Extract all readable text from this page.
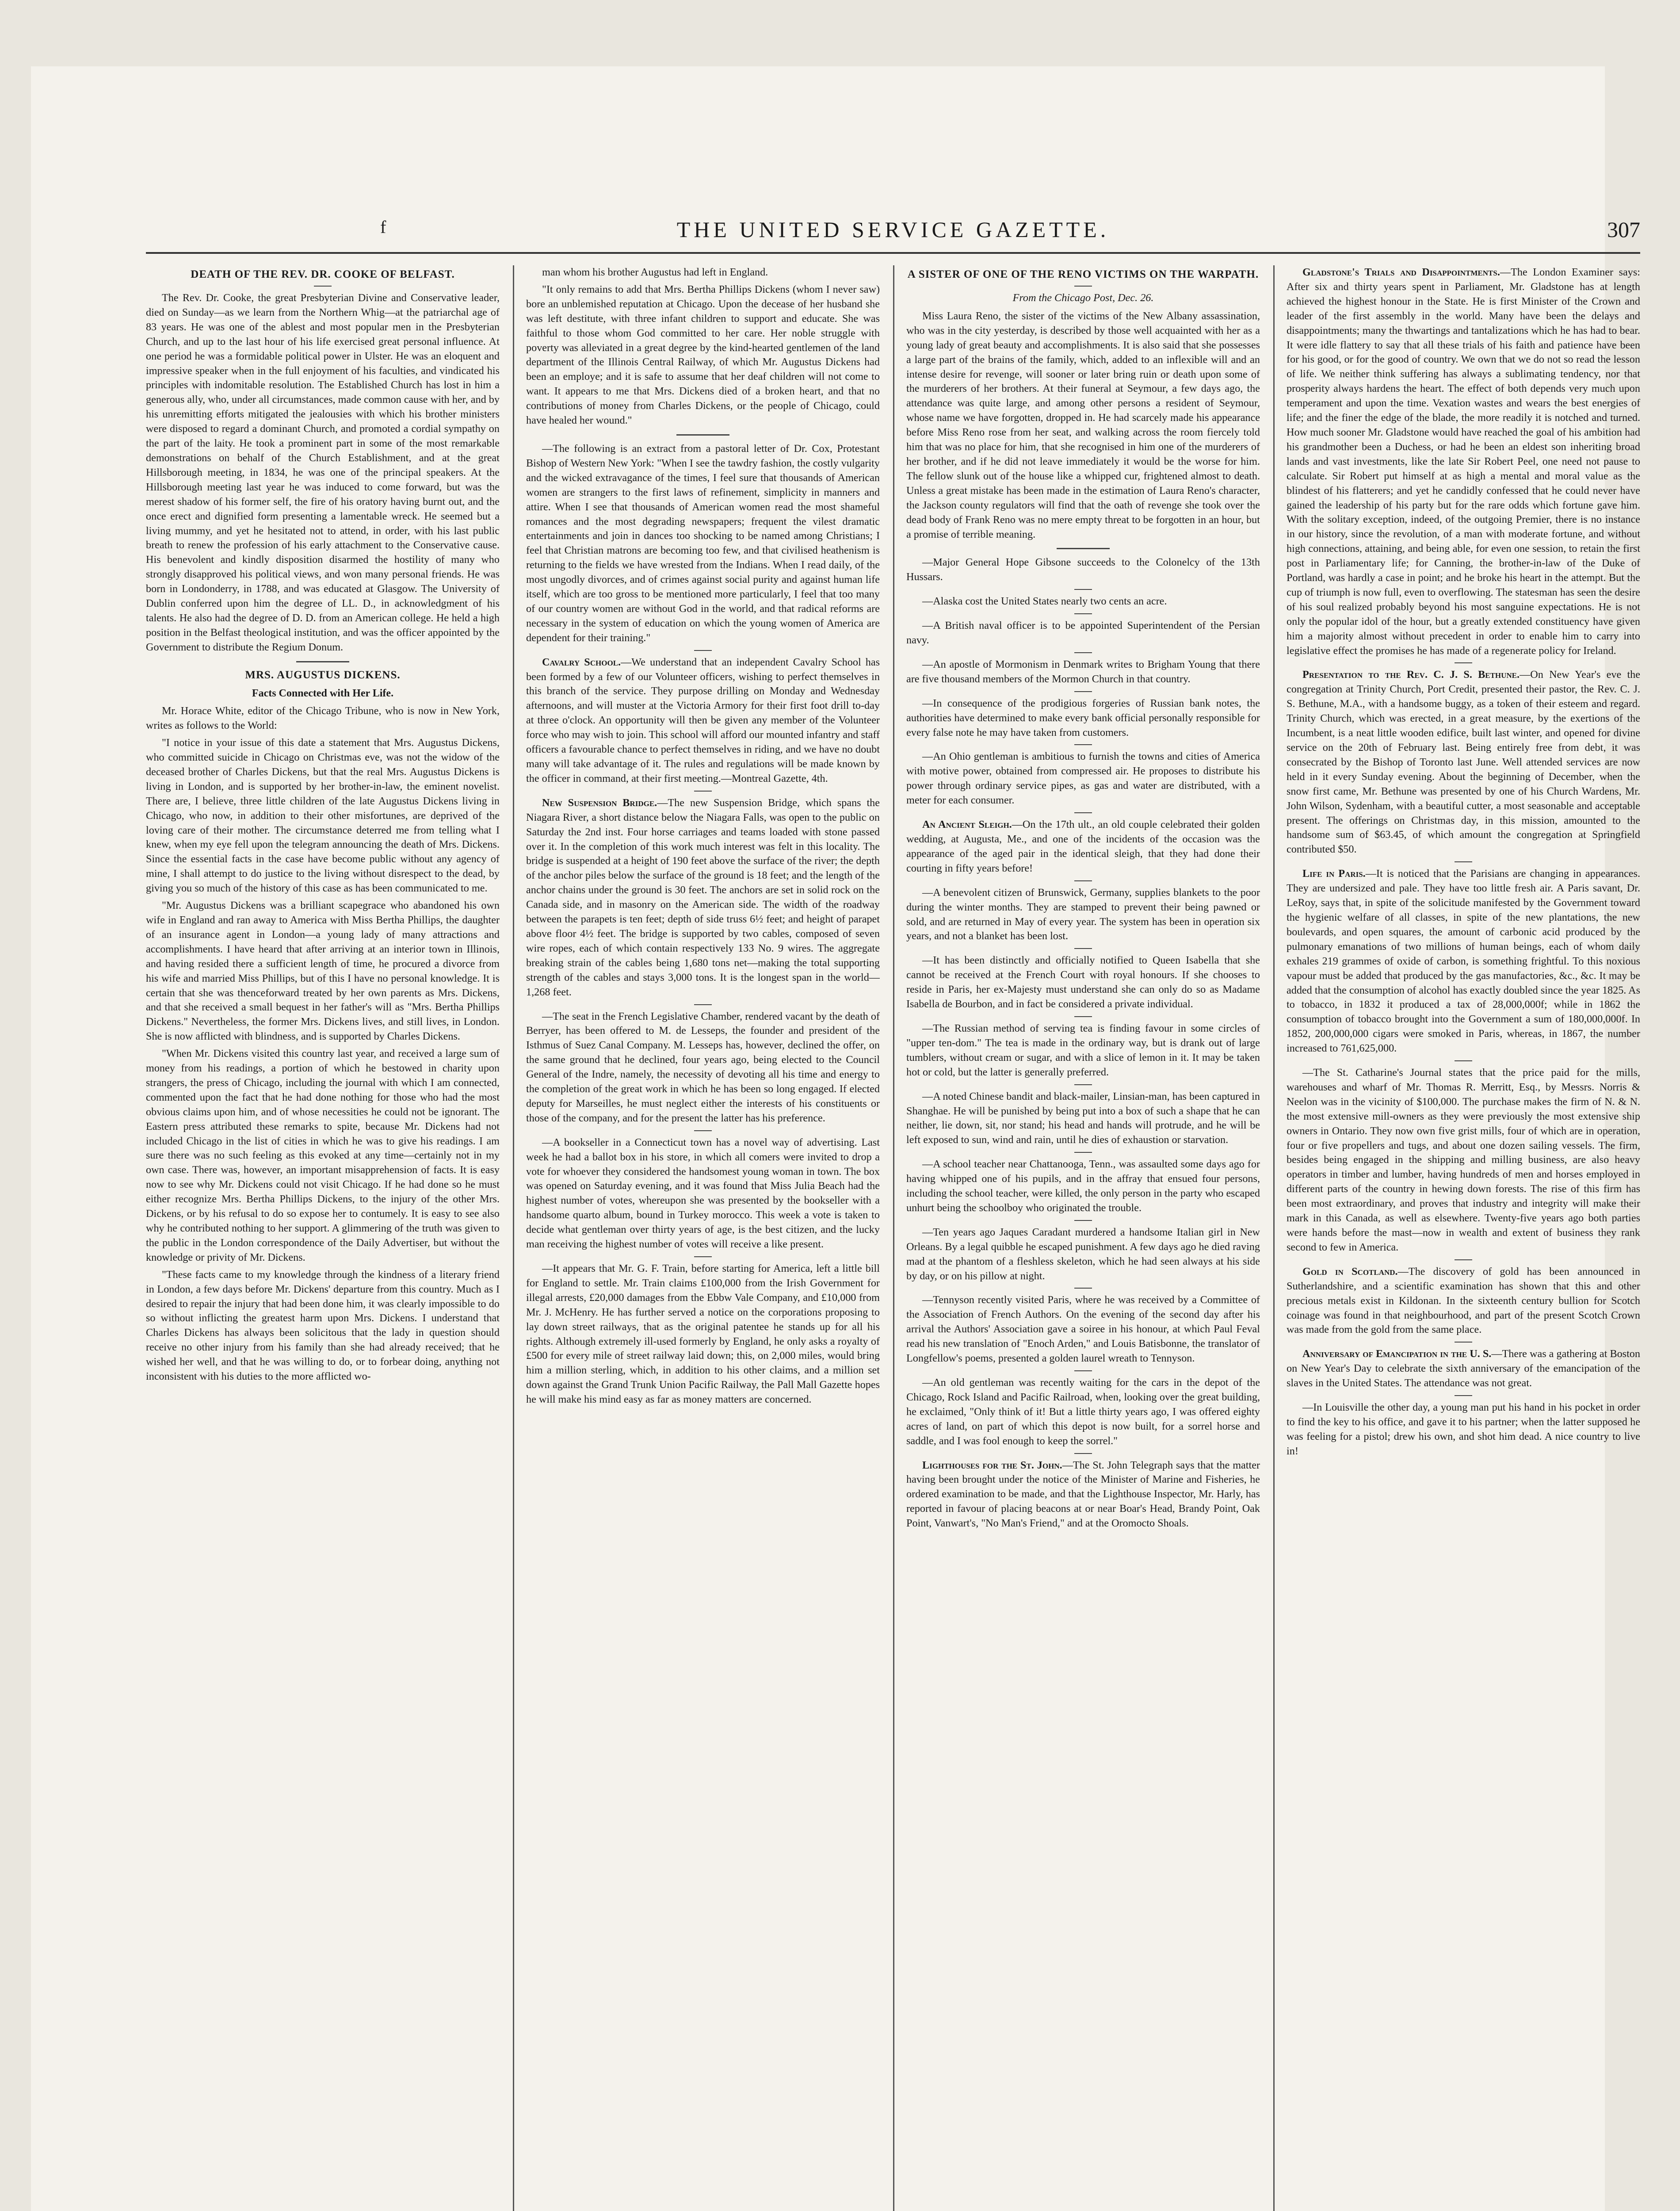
f	THE UNITED SERVICE GAZETTE.	307
DEATH OF THE REV. DR. COOKE OF BELFAST.

The Rev. Dr. Cooke, the great Presbyterian Divine and Conservative leader, died on Sunday—as we learn from the Northern Whig—at the patriarchal age of 83 years. He was one of the ablest and most popular men in the Presbyterian Church, and up to the last hour of his life exercised great personal influence. At one period he was a formidable political power in Ulster. He was an eloquent and impressive speaker when in the full enjoyment of his faculties, and vindicated his principles with indomitable resolution. The Established Church has lost in him a generous ally, who, under all circumstances, made common cause with her, and by his unremitting efforts mitigated the jealousies with which his brother ministers were disposed to regard a dominant Church, and promoted a cordial sympathy on the part of the laity. He took a prominent part in some of the most remarkable demonstrations on behalf of the Church Establishment, and at the great Hillsborough meeting, in 1834, he was one of the principal speakers. At the Hillsborough meeting last year he was induced to come forward, but was the merest shadow of his former self, the fire of his oratory having burnt out, and the once erect and dignified form presenting a lamentable wreck. He seemed but a living mummy, and yet he hesitated not to attend, in order, with his last public breath to renew the profession of his early attachment to the Conservative cause. His benevolent and kindly disposition disarmed the hostility of many who strongly disapproved his political views, and won many personal friends. He was born in Londonderry, in 1788, and was educated at Glasgow. The University of Dublin conferred upon him the degree of LL. D., in acknowledgment of his talents. He also had the degree of D. D. from an American college. He held a high position in the Belfast theological institution, and was the officer appointed by the Government to distribute the Regium Donum.

MRS. AUGUSTUS DICKENS.
Facts Connected with Her Life.

Mr. Horace White, editor of the Chicago Tribune, who is now in New York, writes as follows to the World:

"I notice in your issue of this date a statement that Mrs. Augustus Dickens, who committed suicide in Chicago on Christmas eve, was not the widow of the deceased brother of Charles Dickens, but that the real Mrs. Augustus Dickens is living in London, and is supported by her brother-in-law, the eminent novelist. There are, I believe, three little children of the late Augustus Dickens living in Chicago, who now, in addition to their other misfortunes, are deprived of the loving care of their mother. The circumstance deterred me from telling what I knew, when my eye fell upon the telegram announcing the death of Mrs. Dickens. Since the essential facts in the case have become public without any agency of mine, I shall attempt to do justice to the living without disrespect to the dead, by giving you so much of the history of this case as has been communicated to me.

"Mr. Augustus Dickens was a brilliant scapegrace who abandoned his own wife in England and ran away to America with Miss Bertha Phillips, the daughter of an insurance agent in London—a young lady of many attractions and accomplishments. I have heard that after arriving at an interior town in Illinois, and having resided there a sufficient length of time, he procured a divorce from his wife and married Miss Phillips, but of this I have no personal knowledge. It is certain that she was thenceforward treated by her own parents as Mrs. Dickens, and that she received a small bequest in her father's will as "Mrs. Bertha Phillips Dickens." Nevertheless, the former Mrs. Dickens lives, and still lives, in London. She is now afflicted with blindness, and is supported by Charles Dickens.

"When Mr. Dickens visited this country last year, and received a large sum of money from his readings, a portion of which he bestowed in charity upon strangers, the press of Chicago, including the journal with which I am connected, commented upon the fact that he had done nothing for those who had the most obvious claims upon him, and of whose necessities he could not be ignorant. The Eastern press attributed these remarks to spite, because Mr. Dickens had not included Chicago in the list of cities in which he was to give his readings. I am sure there was no such feeling as this evoked at any time—certainly not in my own case. There was, however, an important misapprehension of facts. It is easy now to see why Mr. Dickens could not visit Chicago. If he had done so he must either recognize Mrs. Bertha Phillips Dickens, to the injury of the other Mrs. Dickens, or by his refusal to do so expose her to contumely. It is easy to see also why he contributed nothing to her support. A glimmering of the truth was given to the public in the London correspondence of the Daily Advertiser, but without the knowledge or privity of Mr. Dickens.

"These facts came to my knowledge through the kindness of a literary friend in London, a few days before Mr. Dickens' departure from this country. Much as I desired to repair the injury that had been done him, it was clearly impossible to do so without inflicting the greatest harm upon Mrs. Dickens. I understand that Charles Dickens has always been solicitous that the lady in question should receive no other injury from his family than she had already received; that he wished her well, and that he was willing to do, or to forbear doing, anything not inconsistent with his duties to the more afflicted wo-

man whom his brother Augustus had left in England.

"It only remains to add that Mrs. Bertha Phillips Dickens (whom I never saw) bore an unblemished reputation at Chicago. Upon the decease of her husband she was left destitute, with three infant children to support and educate. She was faithful to those whom God committed to her care. Her noble struggle with poverty was alleviated in a great degree by the kind-hearted gentlemen of the land department of the Illinois Central Railway, of which Mr. Augustus Dickens had been an employe; and it is safe to assume that her deaf children will not come to want. It appears to me that Mrs. Dickens died of a broken heart, and that no contributions of money from Charles Dickens, or the people of Chicago, could have healed her wound."

—The following is an extract from a pastoral letter of Dr. Cox, Protestant Bishop of Western New York: "When I see the tawdry fashion, the costly vulgarity and the wicked extravagance of the times, I feel sure that thousands of American women are strangers to the first laws of refinement, simplicity in manners and attire. When I see that thousands of American women read the most shameful romances and the most degrading newspapers; frequent the vilest dramatic entertainments and join in dances too shocking to be named among Christians; I feel that Christian matrons are becoming too few, and that civilised heathenism is returning to the fields we have wrested from the Indians. When I read daily, of the most ungodly divorces, and of crimes against social purity and against human life itself, which are too gross to be mentioned more particularly, I feel that too many of our country women are without God in the world, and that radical reforms are necessary in the system of education on which the young women of America are dependent for their training."

Cavalry School.—We understand that an independent Cavalry School has been formed by a few of our Volunteer officers, wishing to perfect themselves in this branch of the service. They purpose drilling on Monday and Wednesday afternoons, and will muster at the Victoria Armory for their first foot drill to-day at three o'clock. An opportunity will then be given any member of the Volunteer force who may wish to join. This school will afford our mounted infantry and staff officers a favourable chance to perfect themselves in riding, and we have no doubt many will take advantage of it. The rules and regulations will be made known by the officer in command, at their first meeting.—Montreal Gazette, 4th.

New Suspension Bridge.—The new Suspension Bridge, which spans the Niagara River, a short distance below the Niagara Falls, was open to the public on Saturday the 2nd inst. Four horse carriages and teams loaded with stone passed over it. In the completion of this work much interest was felt in this locality. The bridge is suspended at a height of 190 feet above the surface of the river; the depth of the anchor piles below the surface of the ground is 18 feet; and the length of the anchor chains under the ground is 30 feet. The anchors are set in solid rock on the Canada side, and in masonry on the American side. The width of the roadway between the parapets is ten feet; depth of side truss 6½ feet; and height of parapet above floor 4½ feet. The bridge is supported by two cables, composed of seven wire ropes, each of which contain respectively 133 No. 9 wires. The aggregate breaking strain of the cables being 1,680 tons net—making the total supporting strength of the cables and stays 3,000 tons. It is the longest span in the world—1,268 feet.

—The seat in the French Legislative Chamber, rendered vacant by the death of Berryer, has been offered to M. de Lesseps, the founder and president of the Isthmus of Suez Canal Company. M. Lesseps has, however, declined the offer, on the same ground that he declined, four years ago, being elected to the Council General of the Indre, namely, the necessity of devoting all his time and energy to the completion of the great work in which he has been so long engaged. If elected deputy for Marseilles, he must neglect either the interests of his constituents or those of the company, and for the present the latter has his preference.

—A bookseller in a Connecticut town has a novel way of advertising. Last week he had a ballot box in his store, in which all comers were invited to drop a vote for whoever they considered the handsomest young woman in town. The box was opened on Saturday evening, and it was found that Miss Julia Beach had the highest number of votes, whereupon she was presented by the bookseller with a handsome quarto album, bound in Turkey morocco. This week a vote is taken to decide what gentleman over thirty years of age, is the best citizen, and the lucky man receiving the highest number of votes will receive a like present.

—It appears that Mr. G. F. Train, before starting for America, left a little bill for England to settle. Mr. Train claims £100,000 from the Irish Government for illegal arrests, £20,000 damages from the Ebbw Vale Company, and £10,000 from Mr. J. McHenry. He has further served a notice on the corporations proposing to lay down street railways, that as the original patentee he stands up for all his rights. Although extremely ill-used formerly by England, he only asks a royalty of £500 for every mile of street railway laid down; this, on 2,000 miles, would bring him a million sterling, which, in addition to his other claims, and a million set down against the Grand Trunk Union Pacific Railway, the Pall Mall Gazette hopes he will make his mind easy as far as money matters are concerned.

A SISTER OF ONE OF THE RENO VICTIMS ON THE WARPATH.
From the Chicago Post, Dec. 26.

Miss Laura Reno, the sister of the victims of the New Albany assassination, who was in the city yesterday, is described by those well acquainted with her as a young lady of great beauty and accomplishments. It is also said that she possesses a large part of the brains of the family, which, added to an inflexible will and an intense desire for revenge, will sooner or later bring ruin or death upon some of the murderers of her brothers. At their funeral at Seymour, a few days ago, the attendance was quite large, and among other persons a resident of Seymour, whose name we have forgotten, dropped in. He had scarcely made his appearance before Miss Reno rose from her seat, and walking across the room fiercely told him that was no place for him, that she recognised in him one of the murderers of her brother, and if he did not leave immediately it would be the worse for him. The fellow slunk out of the house like a whipped cur, frightened almost to death. Unless a great mistake has been made in the estimation of Laura Reno's character, the Jackson county regulators will find that the oath of revenge she took over the dead body of Frank Reno was no mere empty threat to be forgotten in an hour, but a promise of terrible meaning.

—Major General Hope Gibsone succeeds to the Colonelcy of the 13th Hussars.

—Alaska cost the United States nearly two cents an acre.

—A British naval officer is to be appointed Superintendent of the Persian navy.

—An apostle of Mormonism in Denmark writes to Brigham Young that there are five thousand members of the Mormon Church in that country.

—In consequence of the prodigious forgeries of Russian bank notes, the authorities have determined to make every bank official personally responsible for every false note he may have taken from customers.

—An Ohio gentleman is ambitious to furnish the towns and cities of America with motive power, obtained from compressed air. He proposes to distribute his power through ordinary service pipes, as gas and water are distributed, with a meter for each consumer.

An Ancient Sleigh.—On the 17th ult., an old couple celebrated their golden wedding, at Augusta, Me., and one of the incidents of the occasion was the appearance of the aged pair in the identical sleigh, that they had done their courting in fifty years before!

—A benevolent citizen of Brunswick, Germany, supplies blankets to the poor during the winter months. They are stamped to prevent their being pawned or sold, and are returned in May of every year. The system has been in operation six years, and not a blanket has been lost.

—It has been distinctly and officially notified to Queen Isabella that she cannot be received at the French Court with royal honours. If she chooses to reside in Paris, her ex-Majesty must understand she can only do so as Madame Isabella de Bourbon, and in fact be considered a private individual.

—The Russian method of serving tea is finding favour in some circles of "upper ten-dom." The tea is made in the ordinary way, but is drank out of large tumblers, without cream or sugar, and with a slice of lemon in it. It may be taken hot or cold, but the latter is generally preferred.

—A noted Chinese bandit and black-mailer, Linsian-man, has been captured in Shanghae. He will be punished by being put into a box of such a shape that he can neither, lie down, sit, nor stand; his head and hands will protrude, and he will be left exposed to sun, wind and rain, until he dies of exhaustion or starvation.

—A school teacher near Chattanooga, Tenn., was assaulted some days ago for having whipped one of his pupils, and in the affray that ensued four persons, including the school teacher, were killed, the only person in the party who escaped unhurt being the schoolboy who originated the trouble.

—Ten years ago Jaques Caradant murdered a handsome Italian girl in New Orleans. By a legal quibble he escaped punishment. A few days ago he died raving mad at the phantom of a fleshless skeleton, which he had seen always at his side by day, or on his pillow at night.

—Tennyson recently visited Paris, where he was received by a Committee of the Association of French Authors. On the evening of the second day after his arrival the Authors' Association gave a soiree in his honour, at which Paul Feval read his new translation of "Enoch Arden," and Louis Batisbonne, the translator of Longfellow's poems, presented a golden laurel wreath to Tennyson.

—An old gentleman was recently waiting for the cars in the depot of the Chicago, Rock Island and Pacific Railroad, when, looking over the great building, he exclaimed, "Only think of it! But a little thirty years ago, I was offered eighty acres of land, on part of which this depot is now built, for a sorrel horse and saddle, and I was fool enough to keep the sorrel."

Lighthouses for the St. John.—The St. John Telegraph says that the matter having been brought under the notice of the Minister of Marine and Fisheries, he ordered examination to be made, and that the Lighthouse Inspector, Mr. Harly, has reported in favour of placing beacons at or near Boar's Head, Brandy Point, Oak Point, Vanwart's, "No Man's Friend," and at the Oromocto Shoals.

Gladstone's Trials and Disappointments.—The London Examiner says: After six and thirty years spent in Parliament, Mr. Gladstone has at length achieved the highest honour in the State. He is first Minister of the Crown and leader of the first assembly in the world. Many have been the delays and disappointments; many the thwartings and tantalizations which he has had to bear. It were idle flattery to say that all these trials of his faith and patience have been for his good, or for the good of country. We own that we do not so read the lesson of life. We neither think suffering has always a sublimating tendency, nor that prosperity always hardens the heart. The effect of both depends very much upon temperament and upon the time. Vexation wastes and wears the best energies of life; and the finer the edge of the blade, the more readily it is notched and turned. How much sooner Mr. Gladstone would have reached the goal of his ambition had his grandmother been a Duchess, or had he been an eldest son inheriting broad lands and vast investments, like the late Sir Robert Peel, one need not pause to calculate. Sir Robert put himself at as high a mental and moral value as the blindest of his flatterers; and yet he candidly confessed that he could never have gained the leadership of his party but for the rare odds which fortune gave him. With the solitary exception, indeed, of the outgoing Premier, there is no instance in our history, since the revolution, of a man with moderate fortune, and without high connections, attaining, and being able, for even one session, to retain the first post in Parliamentary life; for Canning, the brother-in-law of the Duke of Portland, was hardly a case in point; and he broke his heart in the attempt. But the cup of triumph is now full, even to overflowing. The statesman has seen the desire of his soul realized probably beyond his most sanguine expectations. He is not only the popular idol of the hour, but a greatly extended constituency have given him a majority almost without precedent in order to enable him to carry into legislative effect the promises he has made of a regenerate policy for Ireland.

Presentation to the Rev. C. J. S. Bethune.—On New Year's eve the congregation at Trinity Church, Port Credit, presented their pastor, the Rev. C. J. S. Bethune, M.A., with a handsome buggy, as a token of their esteem and regard. Trinity Church, which was erected, in a great measure, by the exertions of the Incumbent, is a neat little wooden edifice, built last winter, and opened for divine service on the 20th of February last. Being entirely free from debt, it was consecrated by the Bishop of Toronto last June. Well attended services are now held in it every Sunday evening. About the beginning of December, when the snow first came, Mr. Bethune was presented by one of his Church Wardens, Mr. John Wilson, Sydenham, with a beautiful cutter, a most seasonable and acceptable present. The offerings on Christmas day, in this mission, amounted to the handsome sum of $63.45, of which amount the congregation at Springfield contributed $50.

Life in Paris.—It is noticed that the Parisians are changing in appearances. They are undersized and pale. They have too little fresh air. A Paris savant, Dr. LeRoy, says that, in spite of the solicitude manifested by the Government toward the hygienic welfare of all classes, in spite of the new plantations, the new boulevards, and open squares, the amount of carbonic acid produced by the pulmonary emanations of two millions of human beings, each of whom daily exhales 219 grammes of oxide of carbon, is something frightful. To this noxious vapour must be added that produced by the gas manufactories, &c., &c. It may be added that the consumption of alcohol has exactly doubled since the year 1825. As to tobacco, in 1832 it produced a tax of 28,000,000f; while in 1862 the consumption of tobacco brought into the Government a sum of 180,000,000f. In 1852, 200,000,000 cigars were smoked in Paris, whereas, in 1867, the number increased to 761,625,000.

—The St. Catharine's Journal states that the price paid for the mills, warehouses and wharf of Mr. Thomas R. Merritt, Esq., by Messrs. Norris & Neelon was in the vicinity of $100,000. The purchase makes the firm of N. & N. the most extensive mill-owners as they were previously the most extensive ship owners in Ontario. They now own five grist mills, four of which are in operation, four or five propellers and tugs, and about one dozen sailing vessels. The firm, besides being engaged in the shipping and milling business, are also heavy operators in timber and lumber, having hundreds of men and horses employed in different parts of the country in hewing down forests. The rise of this firm has been most extraordinary, and proves that industry and integrity will make their mark in this Canada, as well as elsewhere. Twenty-five years ago both parties were hands before the mast—now in wealth and extent of business they rank second to few in America.

Gold in Scotland.—The discovery of gold has been announced in Sutherlandshire, and a scientific examination has shown that this and other precious metals exist in Kildonan. In the sixteenth century bullion for Scotch coinage was found in that neighbourhood, and part of the present Scotch Crown was made from the gold from the same place.

Anniversary of Emancipation in the U. S.—There was a gathering at Boston on New Year's Day to celebrate the sixth anniversary of the emancipation of the slaves in the United States. The attendance was not great.

—In Louisville the other day, a young man put his hand in his pocket in order to find the key to his office, and gave it to his partner; when the latter supposed he was feeling for a pistol; drew his own, and shot him dead. A nice country to live in!
